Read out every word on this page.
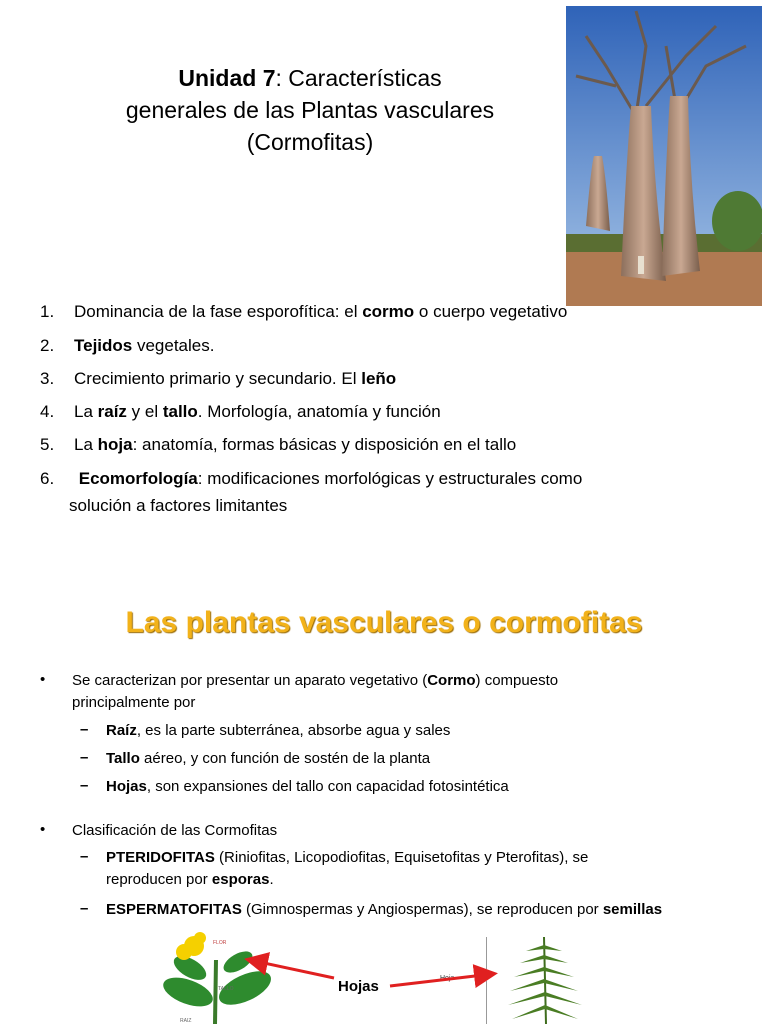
Unidad 7: Características
generales de las Plantas vasculares
(Cormofitas)
1. Dominancia de la fase esporofítica: el cormo o cuerpo vegetativo
2. Tejidos vegetales.
3. Crecimiento primario y secundario. El leño
4. La raíz y el tallo. Morfología, anatomía y función
5. La hoja: anatomía, formas básicas y disposición en el tallo
6. Ecomorfología: modificaciones morfológicas y estructurales como
solución a factores limitantes
Las plantas vasculares o cormofitas
• Se caracterizan por presentar un aparato vegetativo (Cormo) compuesto
principalmente por
– Raíz, es la parte subterránea, absorbe agua y sales
– Tallo aéreo, y con función de sostén de la planta
– Hojas, son expansiones del tallo con capacidad fotosintética
• Clasificación de las Cormofitas
– PTERIDOFITAS (Riniofitas, Licopodiofitas, Equisetofitas y Pterofitas), se
reproducen por esporas.
– ESPERMATOFITAS (Gimnospermas y Angiospermas), se reproducen por semillas
FLOR
TALLO
RAIZ
Hojas
